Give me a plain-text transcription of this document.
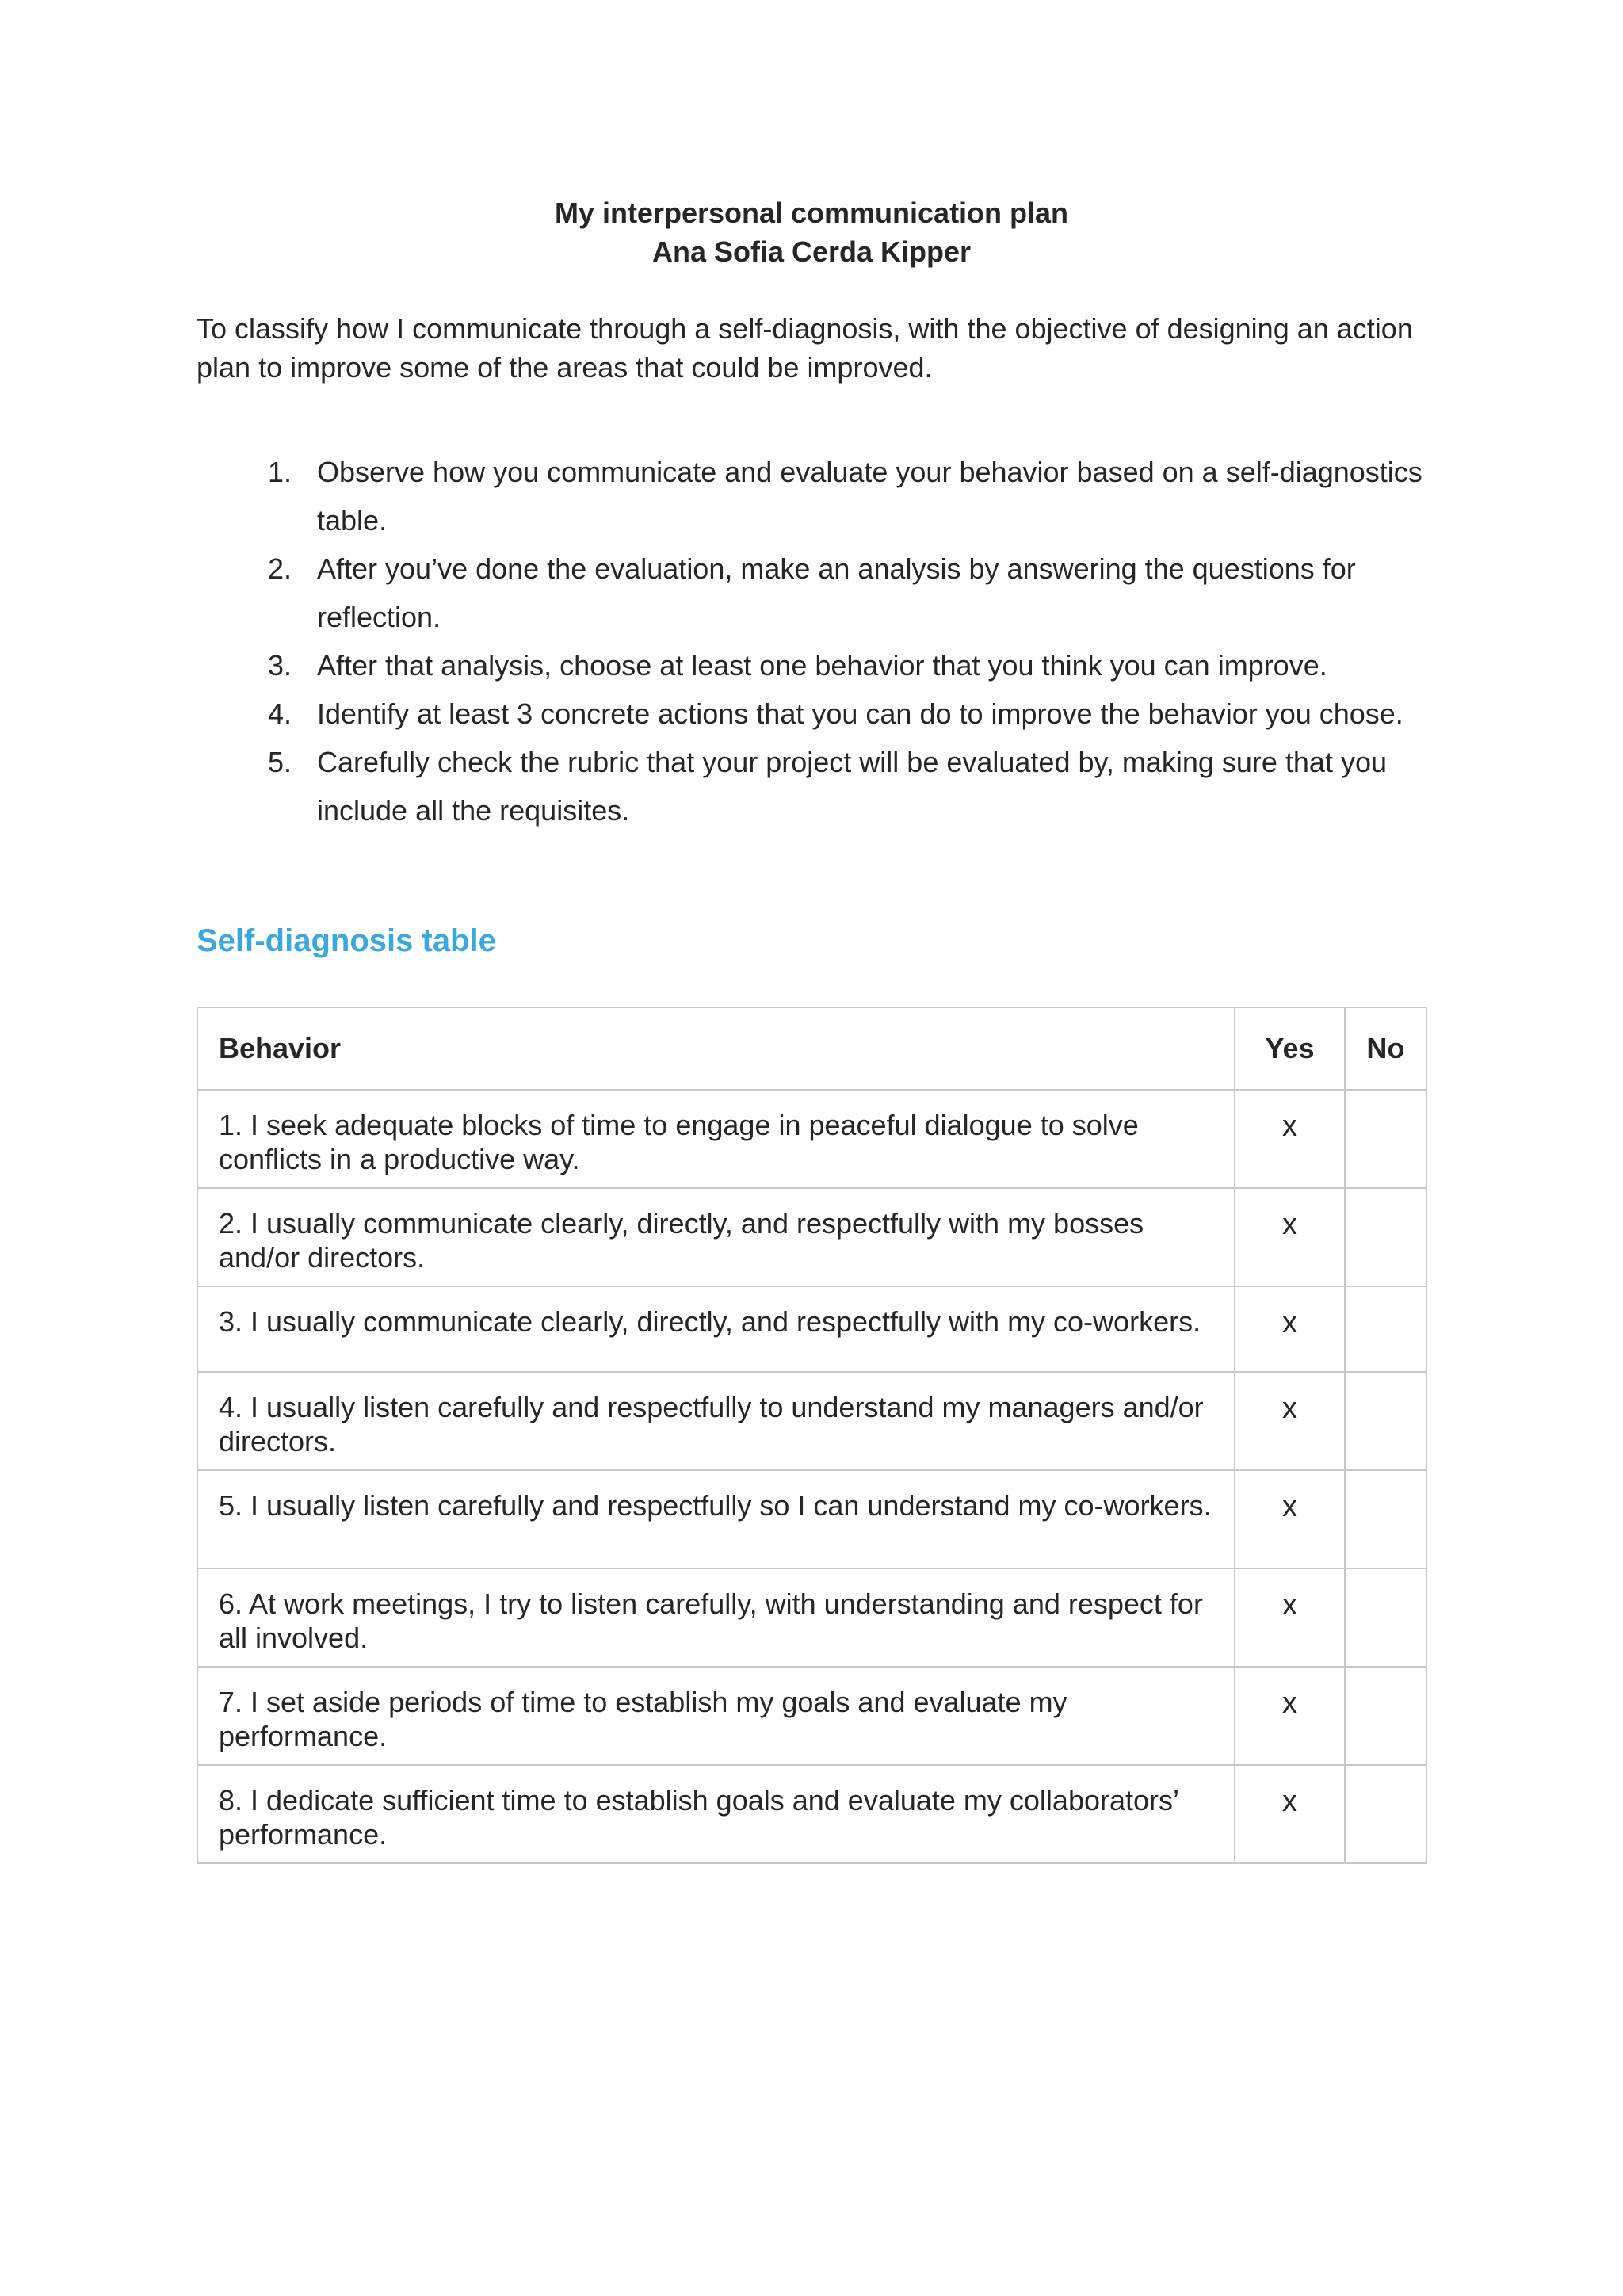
My interpersonal communication plan
Ana Sofia Cerda Kipper
To classify how I communicate through a self-diagnosis, with the objective of designing an action plan to improve some of the areas that could be improved.
1. Observe how you communicate and evaluate your behavior based on a self-diagnostics table.
2. After you’ve done the evaluation, make an analysis by answering the questions for reflection.
3. After that analysis, choose at least one behavior that you think you can improve.
4. Identify at least 3 concrete actions that you can do to improve the behavior you chose.
5. Carefully check the rubric that your project will be evaluated by, making sure that you include all the requisites.
Self-diagnosis table
Behavior	Yes	No
1. I seek adequate blocks of time to engage in peaceful dialogue to solve conflicts in a productive way.	x	
2. I usually communicate clearly, directly, and respectfully with my bosses and/or directors.	x	
3. I usually communicate clearly, directly, and respectfully with my co-workers.	x	
4. I usually listen carefully and respectfully to understand my managers and/or directors.	x	
5. I usually listen carefully and respectfully so I can understand my co-workers.	x	
6. At work meetings, I try to listen carefully, with understanding and respect for all involved.	x	
7. I set aside periods of time to establish my goals and evaluate my performance.	x	
8. I dedicate sufficient time to establish goals and evaluate my collaborators’ performance.	x	
